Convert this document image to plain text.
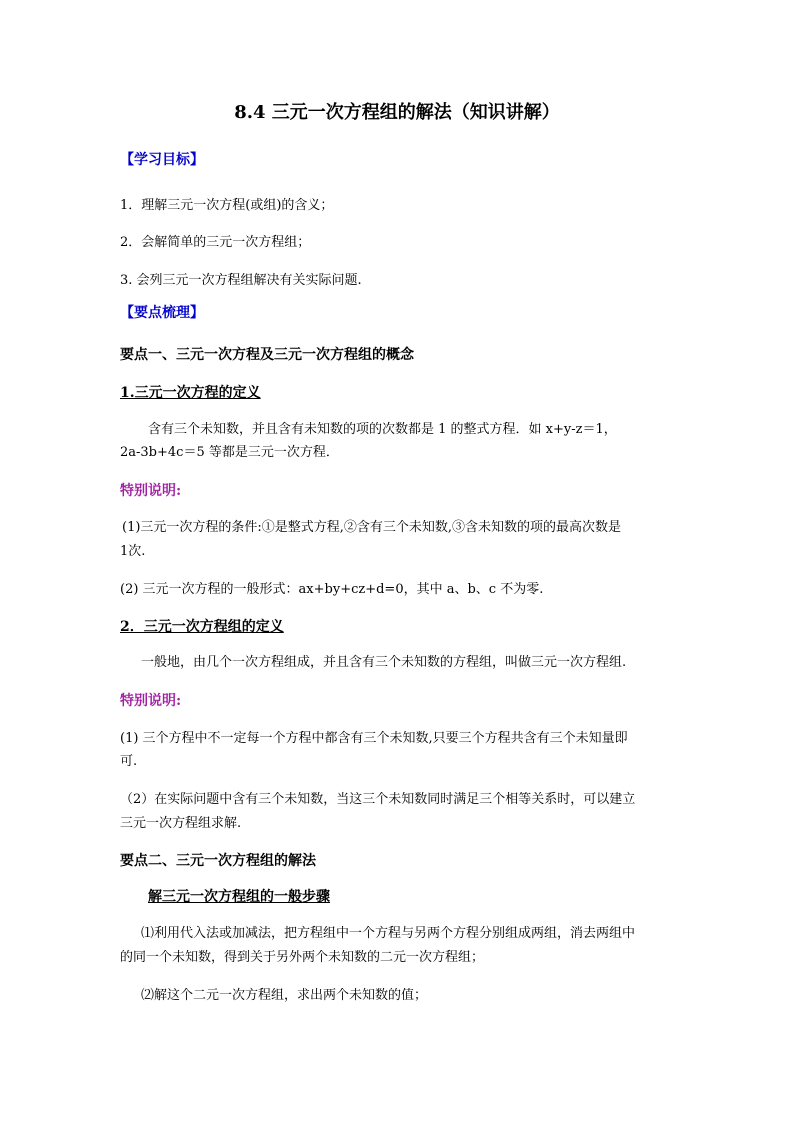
8.4 三元一次方程组的解法（知识讲解）
【学习目标】
1．理解三元一次方程(或组)的含义；
2．会解简单的三元一次方程组；
3. 会列三元一次方程组解决有关实际问题.
【要点梳理】
要点一、三元一次方程及三元一次方程组的概念
1.三元一次方程的定义
含有三个未知数，并且含有未知数的项的次数都是 1 的整式方程．如 x+y-z＝1，
2a-3b+4c＝5 等都是三元一次方程．
特别说明:
(1)三元一次方程的条件:①是整式方程,②含有三个未知数,③含未知数的项的最高次数是
1次.
(2) 三元一次方程的一般形式：ax+by+cz+d=0，其中 a、b、c 不为零.
2．三元一次方程组的定义
一般地，由几个一次方程组成，并且含有三个未知数的方程组，叫做三元一次方程组.
特别说明:
(1) 三个方程中不一定每一个方程中都含有三个未知数,只要三个方程共含有三个未知量即
可.
（2）在实际问题中含有三个未知数，当这三个未知数同时满足三个相等关系时，可以建立
三元一次方程组求解.
要点二、三元一次方程组的解法
解三元一次方程组的一般步骤
⑴利用代入法或加减法，把方程组中一个方程与另两个方程分别组成两组，消去两组中
的同一个未知数，得到关于另外两个未知数的二元一次方程组；
⑵解这个二元一次方程组，求出两个未知数的值；
